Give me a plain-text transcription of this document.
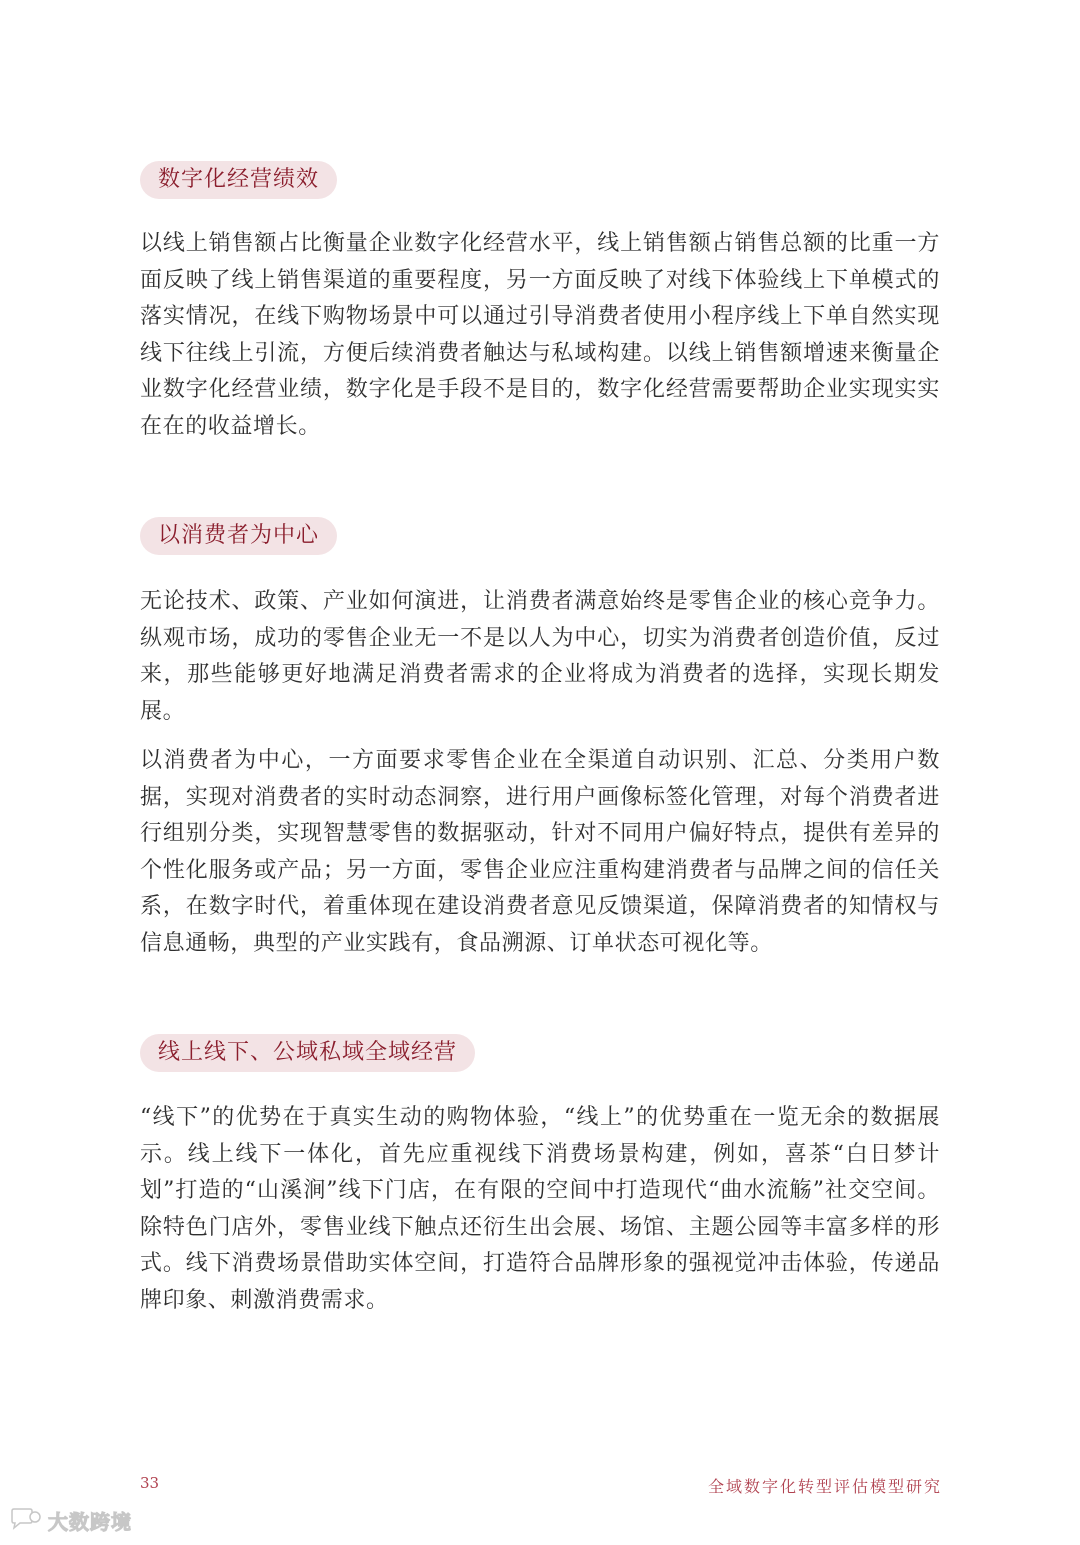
数字化经营绩效

以线上销售额占比衡量企业数字化经营水平，线上销售额占销售总额的比重一方面反映了线上销售渠道的重要程度，另一方面反映了对线下体验线上下单模式的落实情况，在线下购物场景中可以通过引导消费者使用小程序线上下单自然实现线下往线上引流，方便后续消费者触达与私域构建。以线上销售额增速来衡量企业数字化经营业绩，数字化是手段不是目的，数字化经营需要帮助企业实现实实在在的收益增长。

以消费者为中心

无论技术、政策、产业如何演进，让消费者满意始终是零售企业的核心竞争力。纵观市场，成功的零售企业无一不是以人为中心，切实为消费者创造价值，反过来，那些能够更好地满足消费者需求的企业将成为消费者的选择，实现长期发展。

以消费者为中心，一方面要求零售企业在全渠道自动识别、汇总、分类用户数据，实现对消费者的实时动态洞察，进行用户画像标签化管理，对每个消费者进行组别分类，实现智慧零售的数据驱动，针对不同用户偏好特点，提供有差异的个性化服务或产品；另一方面，零售企业应注重构建消费者与品牌之间的信任关系，在数字时代，着重体现在建设消费者意见反馈渠道，保障消费者的知情权与信息通畅，典型的产业实践有，食品溯源、订单状态可视化等。

线上线下、公域私域全域经营

“线下”的优势在于真实生动的购物体验，“线上”的优势重在一览无余的数据展示。线上线下一体化，首先应重视线下消费场景构建，例如，喜茶“白日梦计划”打造的“山溪涧”线下门店，在有限的空间中打造现代“曲水流觞”社交空间。除特色门店外，零售业线下触点还衍生出会展、场馆、主题公园等丰富多样的形式。线下消费场景借助实体空间，打造符合品牌形象的强视觉冲击体验，传递品牌印象、刺激消费需求。

33	全域数字化转型评估模型研究
大数跨境
